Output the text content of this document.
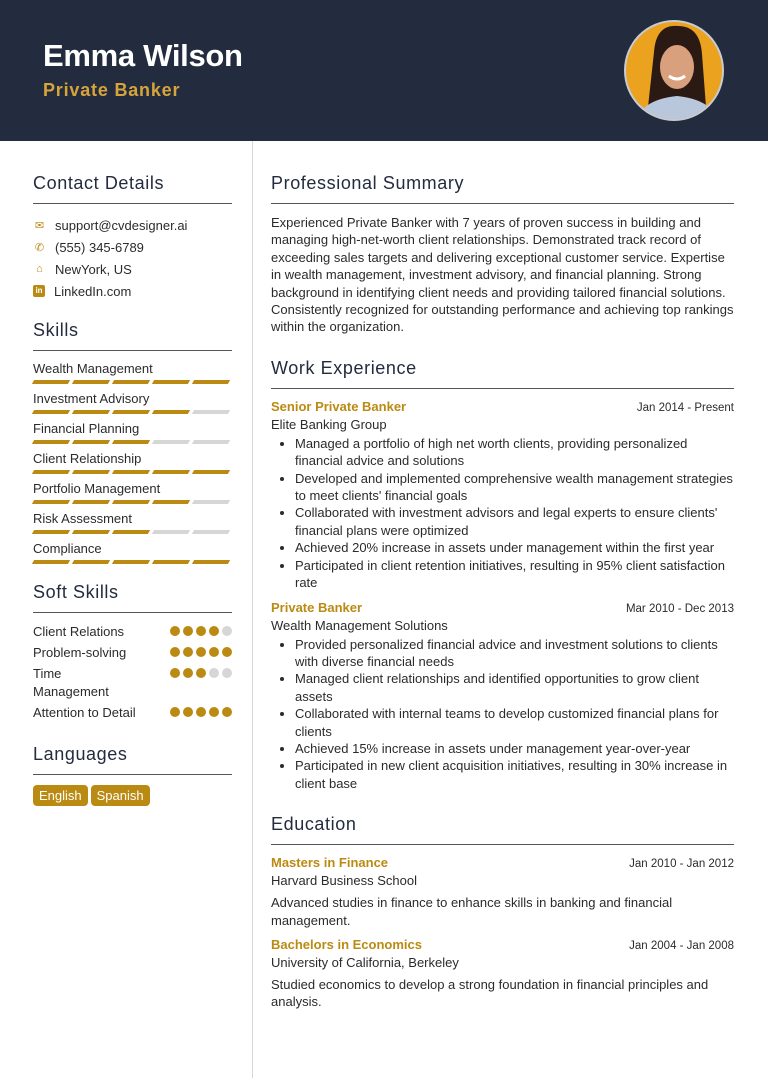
Emma Wilson
Private Banker
Contact Details
✉ support@cvdesigner.ai
✆ (555) 345-6789
⌂ NewYork, US
in LinkedIn.com
Skills
Wealth Management
Investment Advisory
Financial Planning
Client Relationship
Portfolio Management
Risk Assessment
Compliance
Soft Skills
Client Relations
Problem-solving
Time Management
Attention to Detail
Languages
English Spanish
Professional Summary

Experienced Private Banker with 7 years of proven success in building and managing high-net-worth client relationships. Demonstrated track record of exceeding sales targets and delivering exceptional customer service. Expertise in wealth management, investment advisory, and financial planning. Strong background in identifying client needs and providing tailored financial solutions. Consistently recognized for outstanding performance and achieving top rankings within the organization.

Work Experience
Senior Private Banker	Jan 2014 - Present
Elite Banking Group
• Managed a portfolio of high net worth clients, providing personalized financial advice and solutions
• Developed and implemented comprehensive wealth management strategies to meet clients' financial goals
• Collaborated with investment advisors and legal experts to ensure clients' financial plans were optimized
• Achieved 20% increase in assets under management within the first year
• Participated in client retention initiatives, resulting in 95% client satisfaction rate
Private Banker	Mar 2010 - Dec 2013
Wealth Management Solutions
• Provided personalized financial advice and investment solutions to clients with diverse financial needs
• Managed client relationships and identified opportunities to grow client assets
• Collaborated with internal teams to develop customized financial plans for clients
• Achieved 15% increase in assets under management year-over-year
• Participated in new client acquisition initiatives, resulting in 30% increase in client base
Education
Masters in Finance	Jan 2010 - Jan 2012
Harvard Business School

Advanced studies in finance to enhance skills in banking and financial management.

Bachelors in Economics	Jan 2004 - Jan 2008
University of California, Berkeley

Studied economics to develop a strong foundation in financial principles and analysis.
